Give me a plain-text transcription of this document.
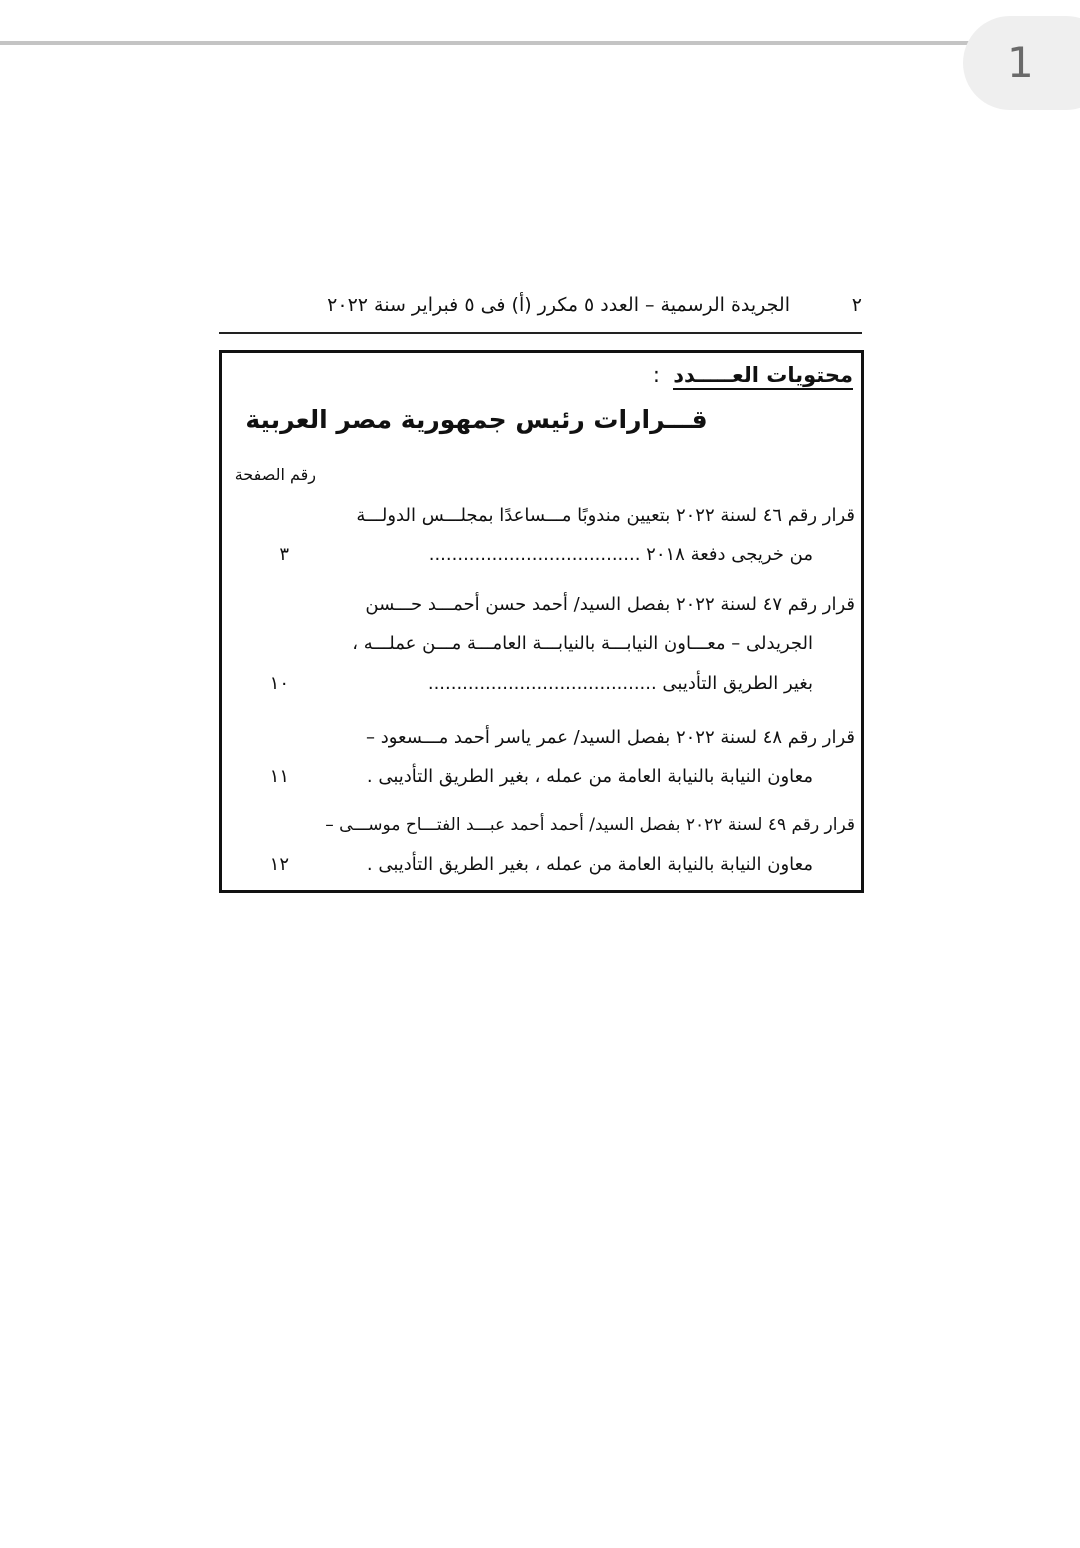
1
٢
الجريدة الرسمية – العدد ٥ مكرر (أ) فى ٥ فبراير سنة ٢٠٢٢
محتويات العـــــدد :
قـــرارات رئيس جمهورية مصر العربية
رقم الصفحة
قرار رقم ٤٦ لسنة ٢٠٢٢ بتعيين مندوبًا مـــساعدًا بمجلـــس الدولـــة
من خريجى دفعة ٢٠١٨ .....................................
٣
قرار رقم ٤٧ لسنة ٢٠٢٢ بفصل السيد/ أحمد حسن أحمـــد حـــسن
الجريدلى – معـــاون النيابـــة بالنيابـــة العامـــة مـــن عملـــه ،
بغير الطريق التأديبى ........................................
١٠
قرار رقم ٤٨ لسنة ٢٠٢٢ بفصل السيد/ عمر ياسر أحمد مـــسعود –
معاون النيابة بالنيابة العامة من عمله ، بغير الطريق التأديبى .
١١
قرار رقم ٤٩ لسنة ٢٠٢٢ بفصل السيد/ أحمد أحمد عبـــد الفتـــاح موســـى –
معاون النيابة بالنيابة العامة من عمله ، بغير الطريق التأديبى .
١٢
